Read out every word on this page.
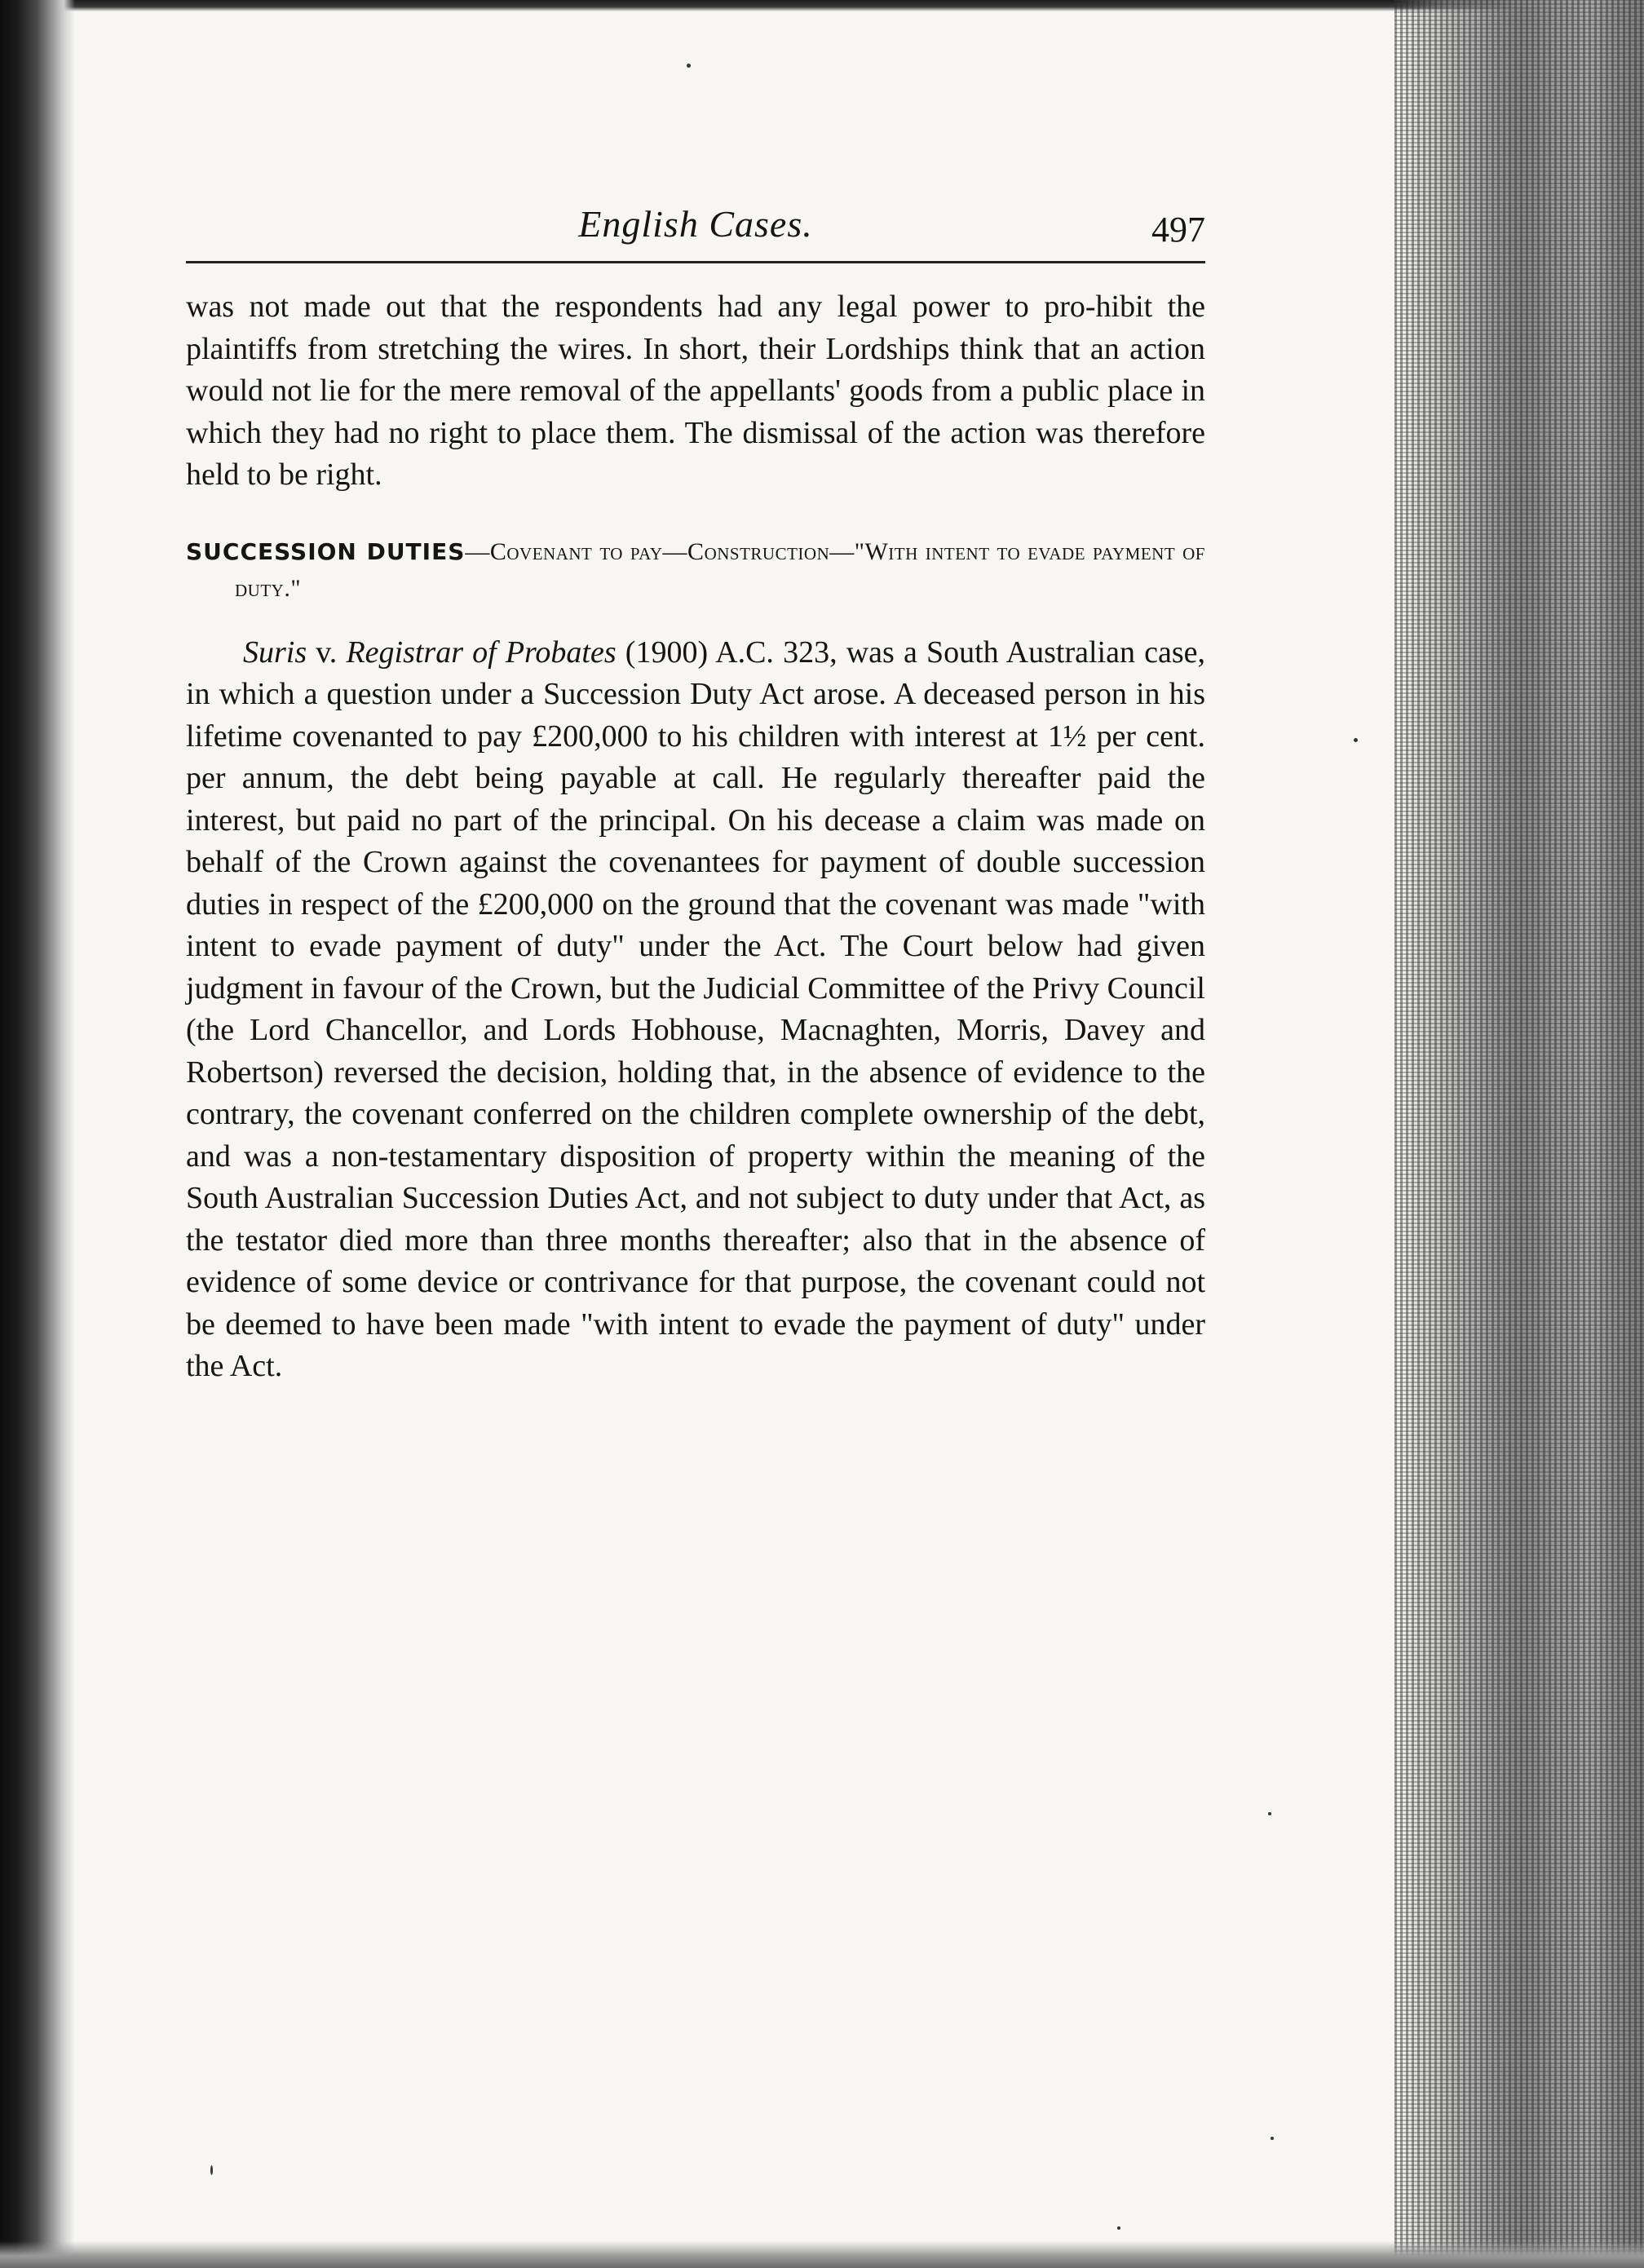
English Cases.	497

was not made out that the respondents had any legal power to pro-hibit the plaintiffs from stretching the wires. In short, their Lordships think that an action would not lie for the mere removal of the appellants' goods from a public place in which they had no right to place them. The dismissal of the action was therefore held to be right.

SUCCESSION DUTIES—Covenant to pay—Construction—"With intent to evade payment of duty."

Suris v. Registrar of Probates (1900) A.C. 323, was a South Australian case, in which a question under a Succession Duty Act arose. A deceased person in his lifetime covenanted to pay £200,000 to his children with interest at 1½ per cent. per annum, the debt being payable at call. He regularly thereafter paid the interest, but paid no part of the principal. On his decease a claim was made on behalf of the Crown against the covenantees for payment of double succession duties in respect of the £200,000 on the ground that the covenant was made "with intent to evade payment of duty" under the Act. The Court below had given judgment in favour of the Crown, but the Judicial Committee of the Privy Council (the Lord Chancellor, and Lords Hobhouse, Macnaghten, Morris, Davey and Robertson) reversed the decision, holding that, in the absence of evidence to the contrary, the covenant conferred on the children complete ownership of the debt, and was a non-testamentary disposition of property within the meaning of the South Australian Succession Duties Act, and not subject to duty under that Act, as the testator died more than three months thereafter; also that in the absence of evidence of some device or contrivance for that purpose, the covenant could not be deemed to have been made "with intent to evade the payment of duty" under the Act.
